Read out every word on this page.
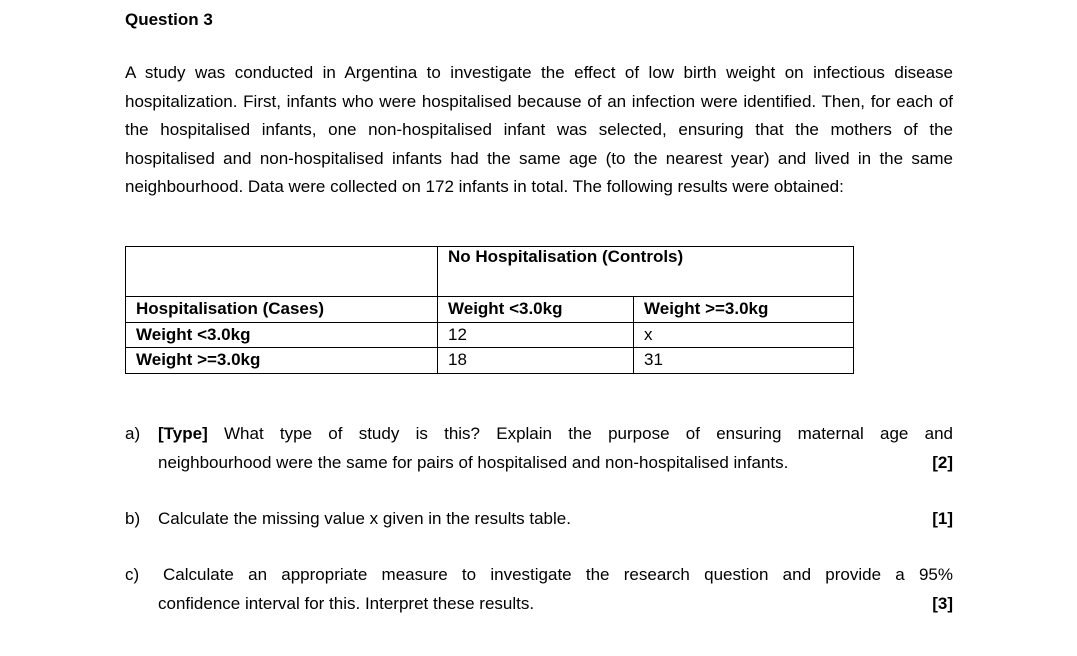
Question 3
A study was conducted in Argentina to investigate the effect of low birth weight on infectious disease hospitalization. First, infants who were hospitalised because of an infection were identified. Then, for each of the hospitalised infants, one non-hospitalised infant was selected, ensuring that the mothers of the hospitalised and non-hospitalised infants had the same age (to the nearest year) and lived in the same neighbourhood. Data were collected on 172 infants in total. The following results were obtained:
	No Hospitalisation (Controls)	
Hospitalisation (Cases)	Weight <3.0kg	Weight >=3.0kg
Weight <3.0kg	12	x
Weight >=3.0kg	18	31
a) [Type] What type of study is this? Explain the purpose of ensuring maternal age and
neighbourhood were the same for pairs of hospitalised and non-hospitalised infants.	[2]
b) Calculate the missing value x given in the results table.	[1]
c) Calculate an appropriate measure to investigate the research question and provide a 95%
confidence interval for this. Interpret these results.	[3]
